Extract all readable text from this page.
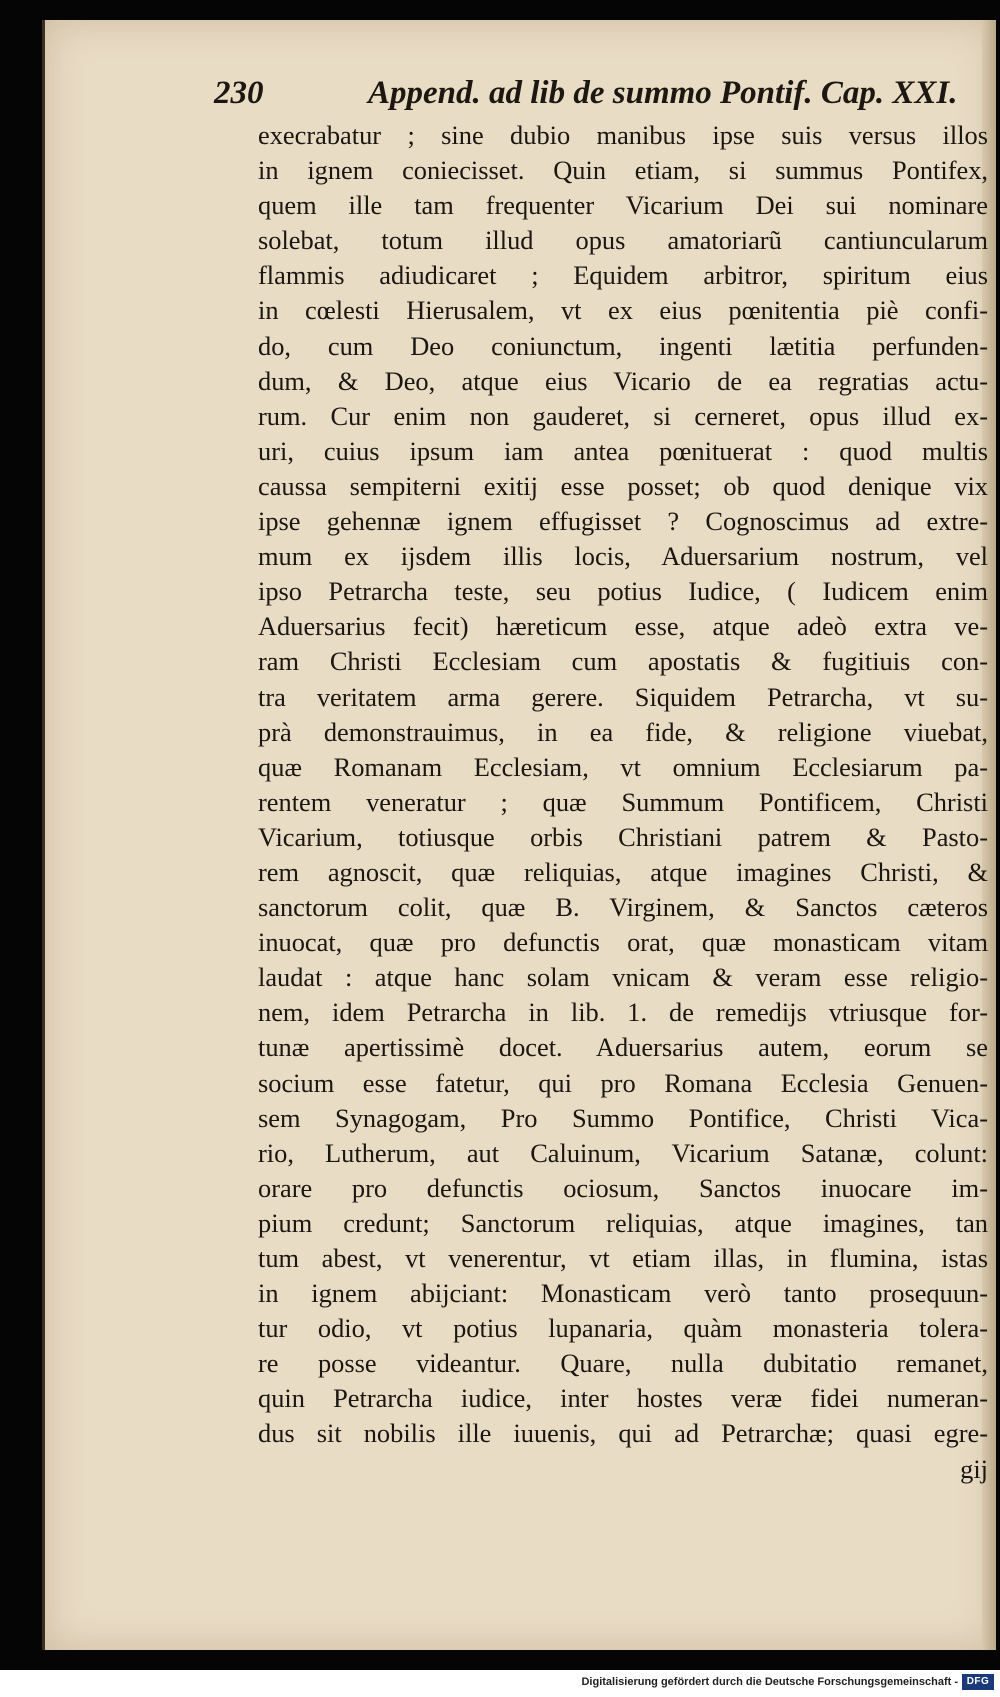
230	Append. ad lib de summo Pontif. Cap. XXI.
execrabatur ; sine dubio manibus ipse suis versus illos
in ignem coniecisset. Quin etiam, si summus Pontifex,
quem ille tam frequenter Vicarium Dei sui nominare
solebat, totum illud opus amatoriarũ cantiuncularum
flammis adiudicaret ; Equidem arbitror, spiritum eius
in cœlesti Hierusalem, vt ex eius pœnitentia piè confi-
do, cum Deo coniunctum, ingenti lætitia perfunden-
dum, & Deo, atque eius Vicario de ea regratias actu-
rum. Cur enim non gauderet, si cerneret, opus illud ex-
uri, cuius ipsum iam antea pœnituerat : quod multis
caussa sempiterni exitij esse posset; ob quod denique vix
ipse gehennæ ignem effugisset ? Cognoscimus ad extre-
mum ex ijsdem illis locis, Aduersarium nostrum, vel
ipso Petrarcha teste, seu potius Iudice, ( Iudicem enim
Aduersarius fecit) hæreticum esse, atque adeò extra ve-
ram Christi Ecclesiam cum apostatis & fugitiuis con-
tra veritatem arma gerere. Siquidem Petrarcha, vt su-
prà demonstrauimus, in ea fide, & religione viuebat,
quæ Romanam Ecclesiam, vt omnium Ecclesiarum pa-
rentem veneratur ; quæ Summum Pontificem, Christi
Vicarium, totiusque orbis Christiani patrem & Pasto-
rem agnoscit, quæ reliquias, atque imagines Christi, &
sanctorum colit, quæ B. Virginem, & Sanctos cæteros
inuocat, quæ pro defunctis orat, quæ monasticam vitam
laudat : atque hanc solam vnicam & veram esse religio-
nem, idem Petrarcha in lib. 1. de remedijs vtriusque for-
tunæ apertissimè docet. Aduersarius autem, eorum se
socium esse fatetur, qui pro Romana Ecclesia Genuen-
sem Synagogam, Pro Summo Pontifice, Christi Vica-
rio, Lutherum, aut Caluinum, Vicarium Satanæ, colunt:
orare pro defunctis ociosum, Sanctos inuocare im-
pium credunt; Sanctorum reliquias, atque imagines, tan
tum abest, vt venerentur, vt etiam illas, in flumina, istas
in ignem abijciant: Monasticam verò tanto prosequun-
tur odio, vt potius lupanaria, quàm monasteria tolera-
re posse videantur. Quare, nulla dubitatio remanet,
quin Petrarcha iudice, inter hostes veræ fidei numeran-
dus sit nobilis ille iuuenis, qui ad Petrarchæ; quasi egre-
gij
Digitalisierung gefördert durch die Deutsche Forschungsgemeinschaft - DFG
